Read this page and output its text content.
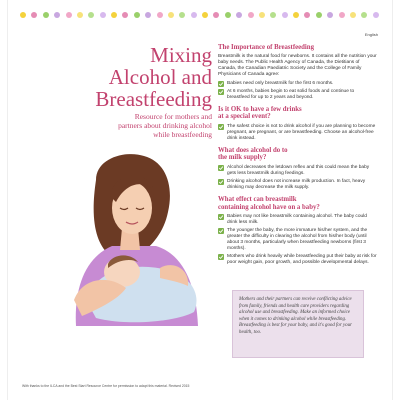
English
Mixing
Alcohol and
Breastfeeding

Resource for mothers and
partners about drinking alcohol
while breastfeeding

The Importance of Breastfeeding

Breastmilk is the natural food for newborns. It contains all the nutrition your baby needs. The Public Health Agency of Canada, the Dietitians of Canada, the Canadian Paediatric Society and the College of Family Physicians of Canada agree:

Babies need only breastmilk for the first 6 months.
At 6 months, babies begin to eat solid foods and continue to breastfeed for up to 2 years and beyond.
Is it OK to have a few drinks
at a special event?
The safest choice is not to drink alcohol if you are planning to become pregnant, are pregnant, or are breastfeeding. Choose an alcohol-free drink instead.
What does alcohol do to
the milk supply?
Alcohol decreases the letdown reflex and this could mean the baby gets less breastmilk during feedings.
Drinking alcohol does not increase milk production. In fact, heavy drinking may decrease the milk supply.
What effect can breastmilk
containing alcohol have on a baby?
Babies may not like breastmilk containing alcohol. The baby could drink less milk.
The younger the baby, the more immature his/her system, and the greater the difficulty in clearing the alcohol from his/her body (until about 3 months, particularly when breastfeeding newborns (first 3 months).
Mothers who drink heavily while breastfeeding put their baby at risk for poor weight gain, poor growth, and possible developmental delays.

Mothers and their partners can receive conflicting advice from family, friends and health care providers regarding alcohol use and breastfeeding. Make an informed choice when it comes to drinking alcohol while breastfeeding. Breastfeeding is best for your baby, and it's good for your health, too.

With thanks to the ILCA and the Best Start Resource Centre for permission to adapt this material. Revised 2015
